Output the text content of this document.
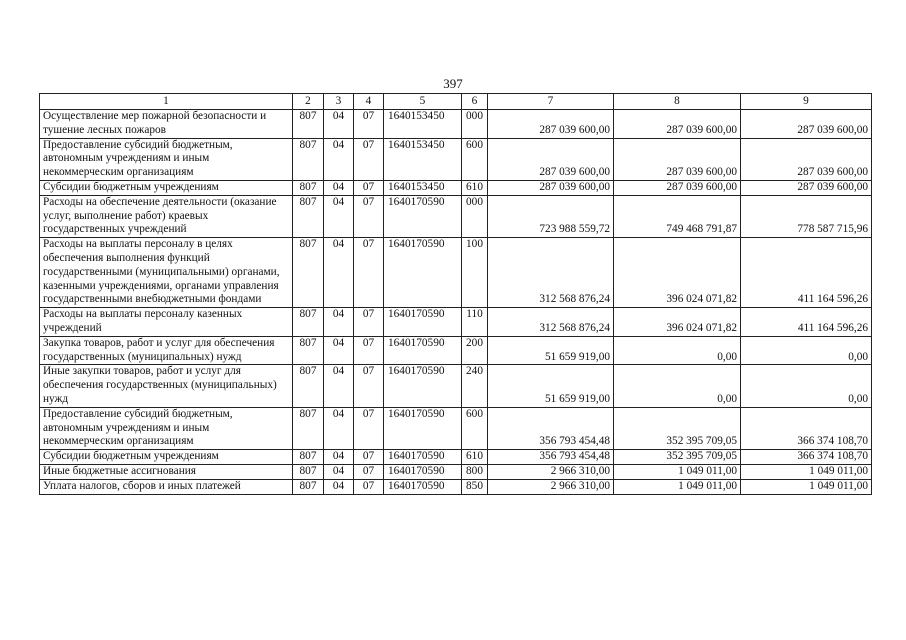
397
1	2	3	4	5	6	7	8	9
Осуществление мер пожарной безопасности и тушение лесных пожаров	807	04	07	1640153450	000	287 039 600,00	287 039 600,00	287 039 600,00
Предоставление субсидий бюджетным, автономным учреждениям и иным некоммерческим организациям	807	04	07	1640153450	600	287 039 600,00	287 039 600,00	287 039 600,00
Субсидии бюджетным учреждениям	807	04	07	1640153450	610	287 039 600,00	287 039 600,00	287 039 600,00
Расходы на обеспечение деятельности (оказание услуг, выполнение работ) краевых государственных учреждений	807	04	07	1640170590	000	723 988 559,72	749 468 791,87	778 587 715,96
Расходы на выплаты персоналу в целях обеспечения выполнения функций государственными (муниципальными) органами, казенными учреждениями, органами управления государственными внебюджетными фондами	807	04	07	1640170590	100	312 568 876,24	396 024 071,82	411 164 596,26
Расходы на выплаты персоналу казенных учреждений	807	04	07	1640170590	110	312 568 876,24	396 024 071,82	411 164 596,26
Закупка товаров, работ и услуг для обеспечения государственных (муниципальных) нужд	807	04	07	1640170590	200	51 659 919,00	0,00	0,00
Иные закупки товаров, работ и услуг для обеспечения государственных (муниципальных) нужд	807	04	07	1640170590	240	51 659 919,00	0,00	0,00
Предоставление субсидий бюджетным, автономным учреждениям и иным некоммерческим организациям	807	04	07	1640170590	600	356 793 454,48	352 395 709,05	366 374 108,70
Субсидии бюджетным учреждениям	807	04	07	1640170590	610	356 793 454,48	352 395 709,05	366 374 108,70
Иные бюджетные ассигнования	807	04	07	1640170590	800	2 966 310,00	1 049 011,00	1 049 011,00
Уплата налогов, сборов и иных платежей	807	04	07	1640170590	850	2 966 310,00	1 049 011,00	1 049 011,00
